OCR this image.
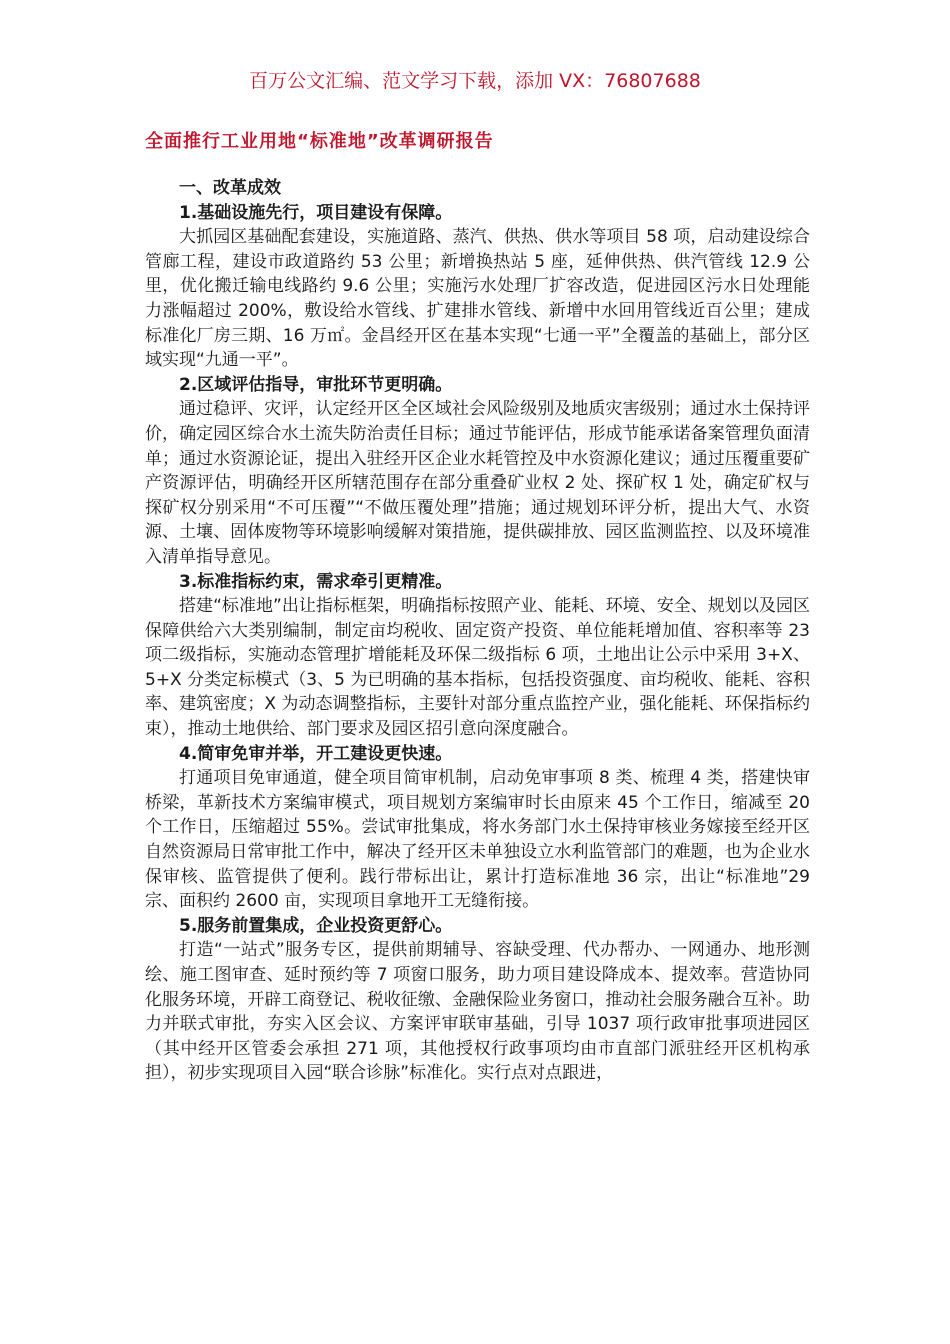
百万公文汇编、范文学习下载，添加 VX：76807688
全面推行工业用地“标准地”改革调研报告

一、改革成效

1.基础设施先行，项目建设有保障。

大抓园区基础配套建设，实施道路、蒸汽、供热、供水等项目 58 项，启动建设综合管廊工程，建设市政道路约 53 公里；新增换热站 5 座，延伸供热、供汽管线 12.9 公里，优化搬迁输电线路约 9.6 公里；实施污水处理厂扩容改造，促进园区污水日处理能力涨幅超过 200%，敷设给水管线、扩建排水管线、新增中水回用管线近百公里；建成标准化厂房三期、16 万㎡。金昌经开区在基本实现“七通一平”全覆盖的基础上，部分区域实现“九通一平”。

2.区域评估指导，审批环节更明确。

通过稳评、灾评，认定经开区全区域社会风险级别及地质灾害级别；通过水土保持评价，确定园区综合水土流失防治责任目标；通过节能评估，形成节能承诺备案管理负面清单；通过水资源论证，提出入驻经开区企业水耗管控及中水资源化建议；通过压覆重要矿产资源评估，明确经开区所辖范围存在部分重叠矿业权 2 处、探矿权 1 处，确定矿权与探矿权分别采用“不可压覆”“不做压覆处理”措施；通过规划环评分析，提出大气、水资源、土壤、固体废物等环境影响缓解对策措施，提供碳排放、园区监测监控、以及环境准入清单指导意见。

3.标准指标约束，需求牵引更精准。

搭建“标准地”出让指标框架，明确指标按照产业、能耗、环境、安全、规划以及园区保障供给六大类别编制，制定亩均税收、固定资产投资、单位能耗增加值、容积率等 23 项二级指标，实施动态管理扩增能耗及环保二级指标 6 项，土地出让公示中采用 3+X、5+X 分类定标模式（3、5 为已明确的基本指标，包括投资强度、亩均税收、能耗、容积率、建筑密度；X 为动态调整指标，主要针对部分重点监控产业，强化能耗、环保指标约束），推动土地供给、部门要求及园区招引意向深度融合。

4.简审免审并举，开工建设更快速。

打通项目免审通道，健全项目简审机制，启动免审事项 8 类、梳理 4 类，搭建快审桥梁，革新技术方案编审模式，项目规划方案编审时长由原来 45 个工作日，缩减至 20 个工作日，压缩超过 55%。尝试审批集成，将水务部门水土保持审核业务嫁接至经开区自然资源局日常审批工作中，解决了经开区未单独设立水利监管部门的难题，也为企业水保审核、监管提供了便利。践行带标出让，累计打造标准地 36 宗，出让“标准地”29 宗、面积约 2600 亩，实现项目拿地开工无缝衔接。

5.服务前置集成，企业投资更舒心。

打造“一站式”服务专区，提供前期辅导、容缺受理、代办帮办、一网通办、地形测绘、施工图审查、延时预约等 7 项窗口服务，助力项目建设降成本、提效率。营造协同化服务环境，开辟工商登记、税收征缴、金融保险业务窗口，推动社会服务融合互补。助力并联式审批，夯实入区会议、方案评审联审基础，引导 1037 项行政审批事项进园区（其中经开区管委会承担 271 项，其他授权行政事项均由市直部门派驻经开区机构承担），初步实现项目入园“联合诊脉”标准化。实行点对点跟进，
